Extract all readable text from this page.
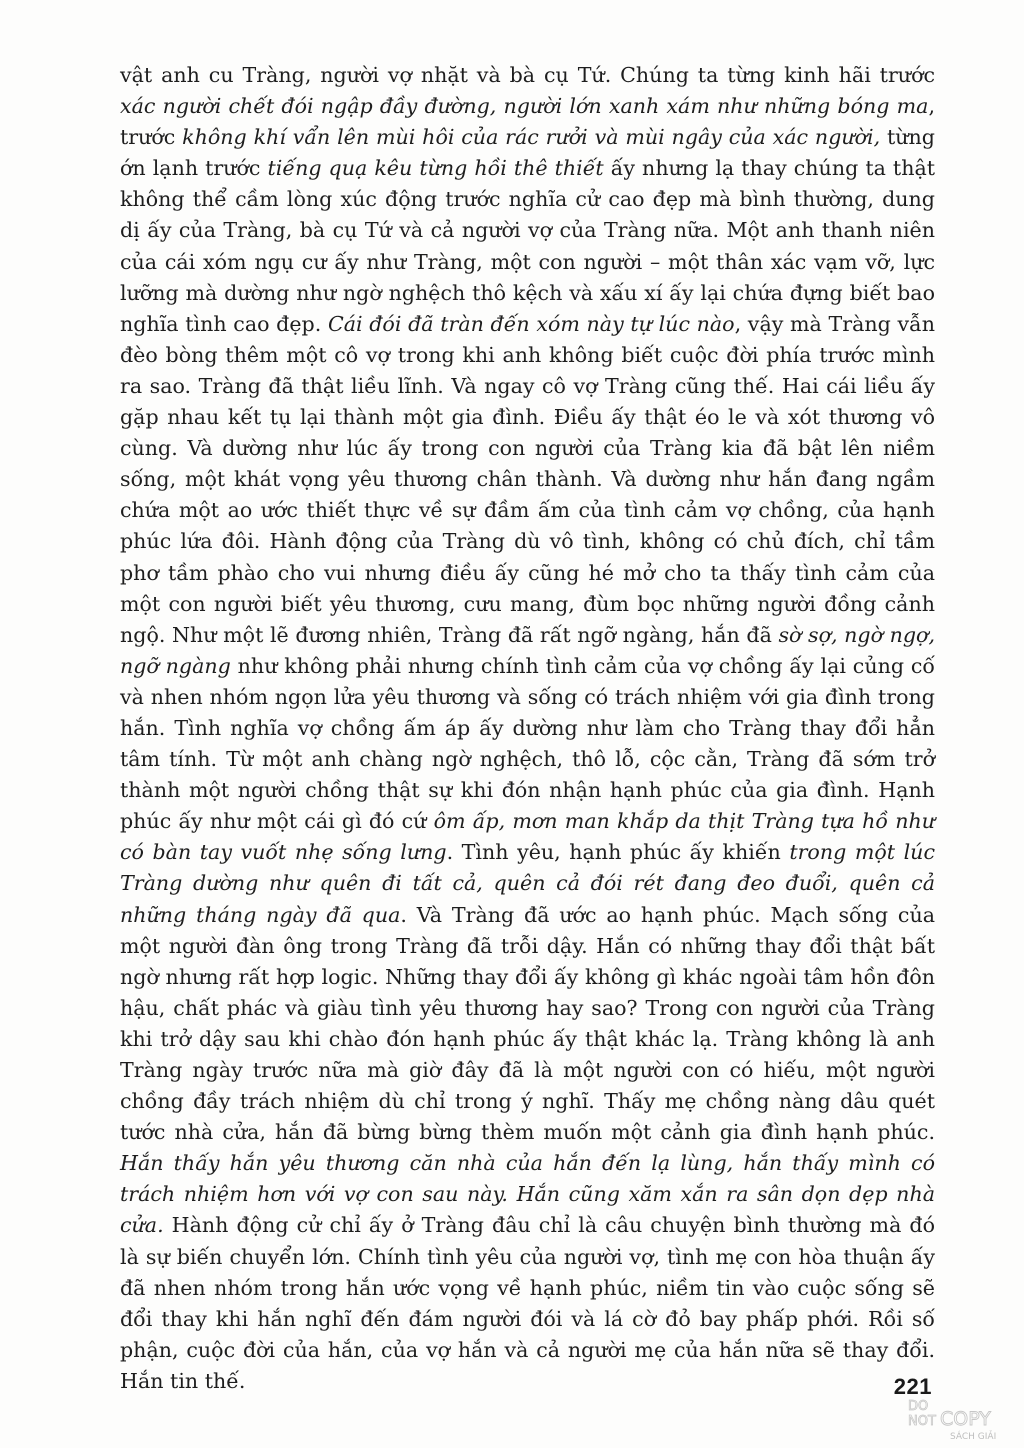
vật anh cu Tràng, người vợ nhặt và bà cụ Tứ. Chúng ta từng kinh hãi trước xác người chết đói ngập đầy đường, người lớn xanh xám như những bóng ma, trước không khí vẩn lên mùi hôi của rác rưởi và mùi ngây của xác người, từng ớn lạnh trước tiếng quạ kêu từng hồi thê thiết ấy nhưng lạ thay chúng ta thật không thể cầm lòng xúc động trước nghĩa cử cao đẹp mà bình thường, dung dị ấy của Tràng, bà cụ Tứ và cả người vợ của Tràng nữa. Một anh thanh niên của cái xóm ngụ cư ấy như Tràng, một con người – một thân xác vạm vỡ, lực lưỡng mà dường như ngờ nghệch thô kệch và xấu xí ấy lại chứa đựng biết bao nghĩa tình cao đẹp. Cái đói đã tràn đến xóm này tự lúc nào, vậy mà Tràng vẫn đèo bòng thêm một cô vợ trong khi anh không biết cuộc đời phía trước mình ra sao. Tràng đã thật liều lĩnh. Và ngay cô vợ Tràng cũng thế. Hai cái liều ấy gặp nhau kết tụ lại thành một gia đình. Điều ấy thật éo le và xót thương vô cùng. Và dường như lúc ấy trong con người của Tràng kia đã bật lên niềm sống, một khát vọng yêu thương chân thành. Và dường như hắn đang ngầm chứa một ao ước thiết thực về sự đầm ấm của tình cảm vợ chồng, của hạnh phúc lứa đôi. Hành động của Tràng dù vô tình, không có chủ đích, chỉ tầm phơ tầm phào cho vui nhưng điều ấy cũng hé mở cho ta thấy tình cảm của một con người biết yêu thương, cưu mang, đùm bọc những người đồng cảnh ngộ. Như một lẽ đương nhiên, Tràng đã rất ngỡ ngàng, hắn đã sờ sợ, ngờ ngợ, ngỡ ngàng như không phải nhưng chính tình cảm của vợ chồng ấy lại củng cố và nhen nhóm ngọn lửa yêu thương và sống có trách nhiệm với gia đình trong hắn. Tình nghĩa vợ chồng ấm áp ấy dường như làm cho Tràng thay đổi hẳn tâm tính. Từ một anh chàng ngờ nghệch, thô lỗ, cộc cằn, Tràng đã sớm trở thành một người chồng thật sự khi đón nhận hạnh phúc của gia đình. Hạnh phúc ấy như một cái gì đó cứ ôm ấp, mơn man khắp da thịt Tràng tựa hồ như có bàn tay vuốt nhẹ sống lưng. Tình yêu, hạnh phúc ấy khiến trong một lúc Tràng dường như quên đi tất cả, quên cả đói rét đang đeo đuổi, quên cả những tháng ngày đã qua. Và Tràng đã ước ao hạnh phúc. Mạch sống của một người đàn ông trong Tràng đã trỗi dậy. Hắn có những thay đổi thật bất ngờ nhưng rất hợp logic. Những thay đổi ấy không gì khác ngoài tâm hồn đôn hậu, chất phác và giàu tình yêu thương hay sao? Trong con người của Tràng khi trở dậy sau khi chào đón hạnh phúc ấy thật khác lạ. Tràng không là anh Tràng ngày trước nữa mà giờ đây đã là một người con có hiếu, một người chồng đầy trách nhiệm dù chỉ trong ý nghĩ. Thấy mẹ chồng nàng dâu quét tước nhà cửa, hắn đã bừng bừng thèm muốn một cảnh gia đình hạnh phúc. Hắn thấy hắn yêu thương căn nhà của hắn đến lạ lùng, hắn thấy mình có trách nhiệm hơn với vợ con sau này. Hắn cũng xăm xắn ra sân dọn dẹp nhà cửa. Hành động cử chỉ ấy ở Tràng đâu chỉ là câu chuyện bình thường mà đó là sự biến chuyển lớn. Chính tình yêu của người vợ, tình mẹ con hòa thuận ấy đã nhen nhóm trong hắn ước vọng về hạnh phúc, niềm tin vào cuộc sống sẽ đổi thay khi hắn nghĩ đến đám người đói và lá cờ đỏ bay phấp phới. Rồi số phận, cuộc đời của hắn, của vợ hắn và cả người mẹ của hắn nữa sẽ thay đổi. Hắn tin thế.	221
DO
NOT COPY
SÁCH GIẢI
